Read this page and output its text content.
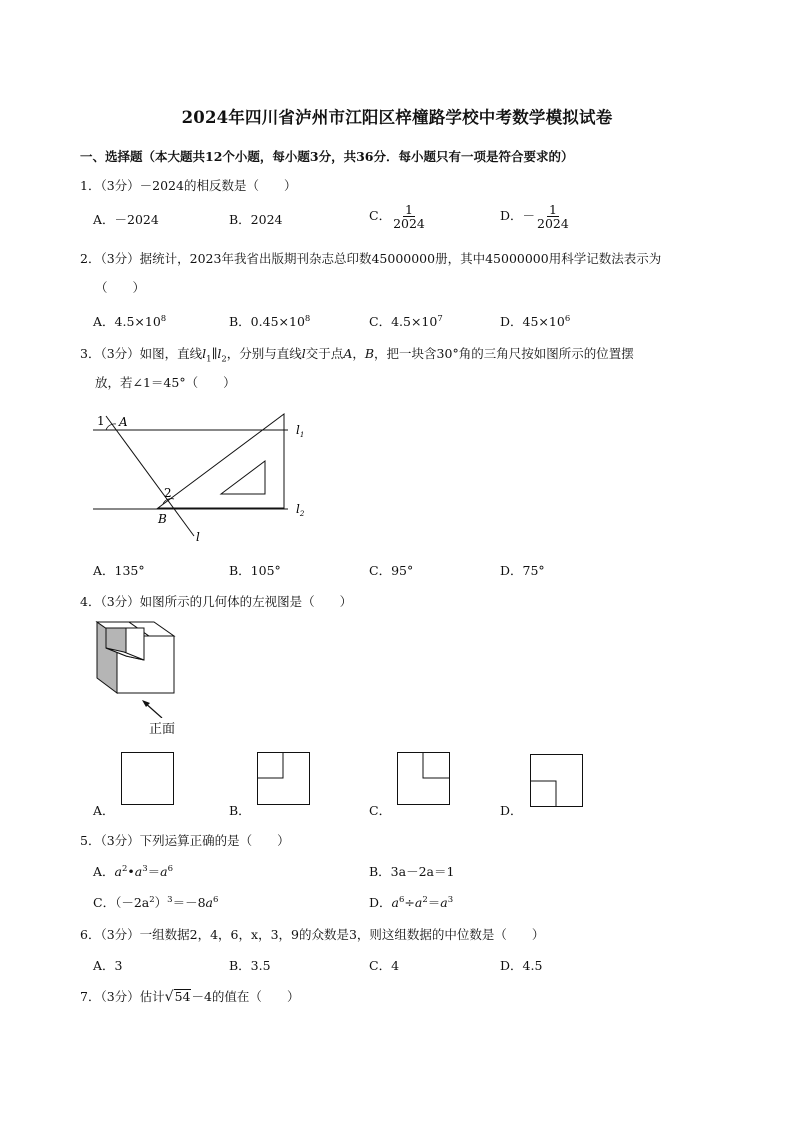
2024年四川省泸州市江阳区梓橦路学校中考数学模拟试卷
一、选择题（本大题共12个小题，每小题3分，共36分．每小题只有一项是符合要求的）
1．（3分）－2024的相反数是（　　）
A．－2024	B．2024	C． $\frac{1}{2024}$	D．－ $\frac{1}{2024}$
2．（3分）据统计，2023年我省出版期刊杂志总印数45000000册，其中45000000用科学记数法表示为
（　　）
A．$4.5\times 10^8$	B．$0.45\times 10^8$	C．$4.5\times 10^7$	D．$45\times 10^6$
3．（3分）如图，直线$l_1\parallel l_2$，分别与直线l交于点A，B，把一块含30°角的三角尺按如图所示的位置摆
放，若∠1＝45°（　　）
1 A
2
B
l
$l_1$
$l_2$
A．135°	B．105°	C．95°	D．75°
4．（3分）如图所示的几何体的左视图是（　　）
正面
A．	B．	C．	D．
5．（3分）下列运算正确的是（　　）
A．$a^2•a^3=a^6$	B．3a－2a＝1
C．$(-2a^2)^3=-8a^6$	D．$a^6\div a^2=a^3$
6．（3分）一组数据2，4，6，x，3，9的众数是3，则这组数据的中位数是（　　）
A．3	B．3.5	C．4	D．4.5
7．（3分）估计√54－4的值在（　　）
